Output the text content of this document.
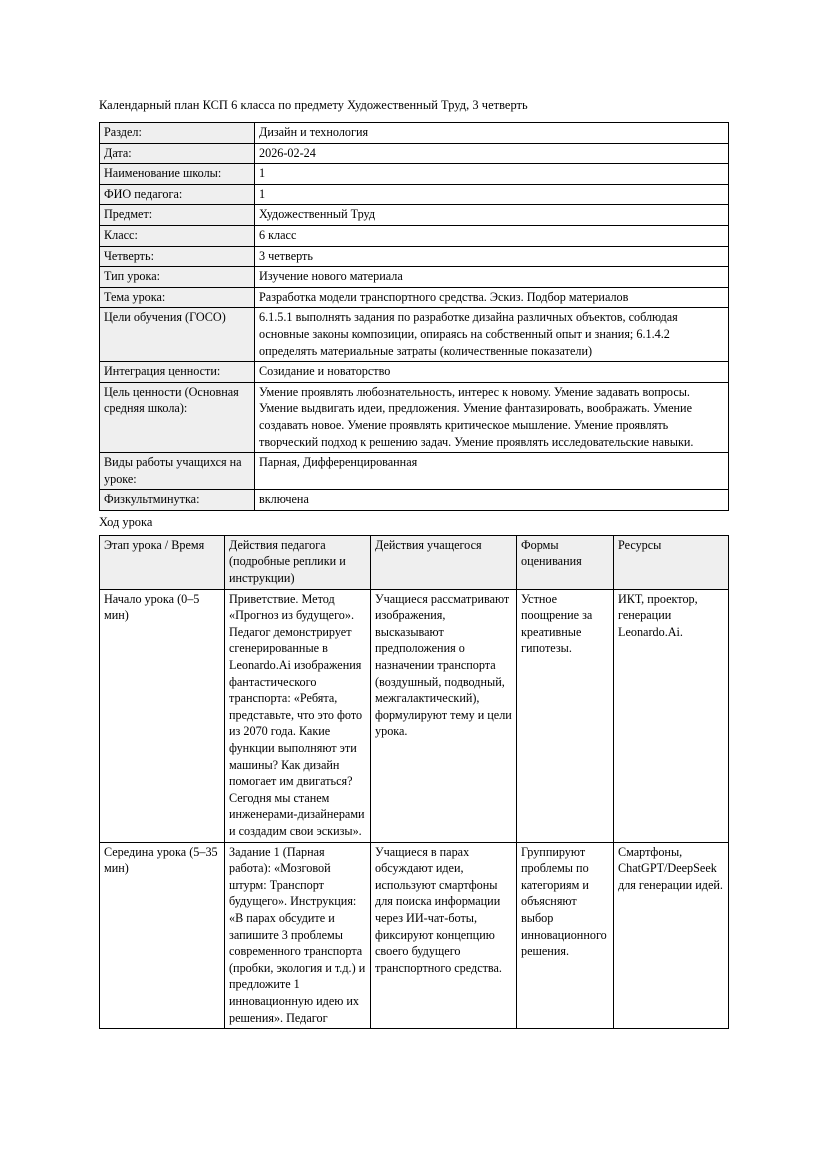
Календарный план КСП 6 класса по предмету Художественный Труд, 3 четверть

Раздел:	Дизайн и технология
Дата:	2026-02-24
Наименование школы:	1
ФИО педагога:	1
Предмет:	Художественный Труд
Класс:	6 класс
Четверть:	3 четверть
Тип урока:	Изучение нового материала
Тема урока:	Разработка модели транспортного средства. Эскиз. Подбор материалов
Цели обучения (ГОСО)	6.1.5.1 выполнять задания по разработке дизайна различных объектов, соблюдая основные законы композиции, опираясь на собственный опыт и знания; 6.1.4.2 определять материальные затраты (количественные показатели)
Интеграция ценности:	Созидание и новаторство
Цель ценности (Основная средняя школа):	Умение проявлять любознательность, интерес к новому. Умение задавать вопросы. Умение выдвигать идеи, предложения. Умение фантазировать, воображать. Умение создавать новое. Умение проявлять критическое мышление. Умение проявлять творческий подход к решению задач. Умение проявлять исследовательские навыки.
Виды работы учащихся на уроке:	Парная, Дифференцированная
Физкультминутка:	включена

Ход урока

Этап урока / Время	Действия педагога (подробные реплики и инструкции)	Действия учащегося	Формы оценивания	Ресурсы
Начало урока (0–5 мин)	Приветствие. Метод «Прогноз из будущего». Педагог демонстрирует сгенерированные в Leonardo.Ai изображения фантастического транспорта: «Ребята, представьте, что это фото из 2070 года. Какие функции выполняют эти машины? Как дизайн помогает им двигаться? Сегодня мы станем инженерами-дизайнерами и создадим свои эскизы».	Учащиеся рассматривают изображения, высказывают предположения о назначении транспорта (воздушный, подводный, межгалактический), формулируют тему и цели урока.	Устное поощрение за креативные гипотезы.	ИКТ, проектор, генерации Leonardo.Ai.
Середина урока (5–35 мин)	Задание 1 (Парная работа): «Мозговой штурм: Транспорт будущего». Инструкция: «В парах обсудите и запишите 3 проблемы современного транспорта (пробки, экология и т.д.) и предложите 1 инновационную идею их решения». Педагог	Учащиеся в парах обсуждают идеи, используют смартфоны для поиска информации через ИИ-чат-боты, фиксируют концепцию своего будущего транспортного средства.	Группируют проблемы по категориям и объясняют выбор инновационного решения.	Смартфоны, ChatGPT/DeepSeek для генерации идей.
